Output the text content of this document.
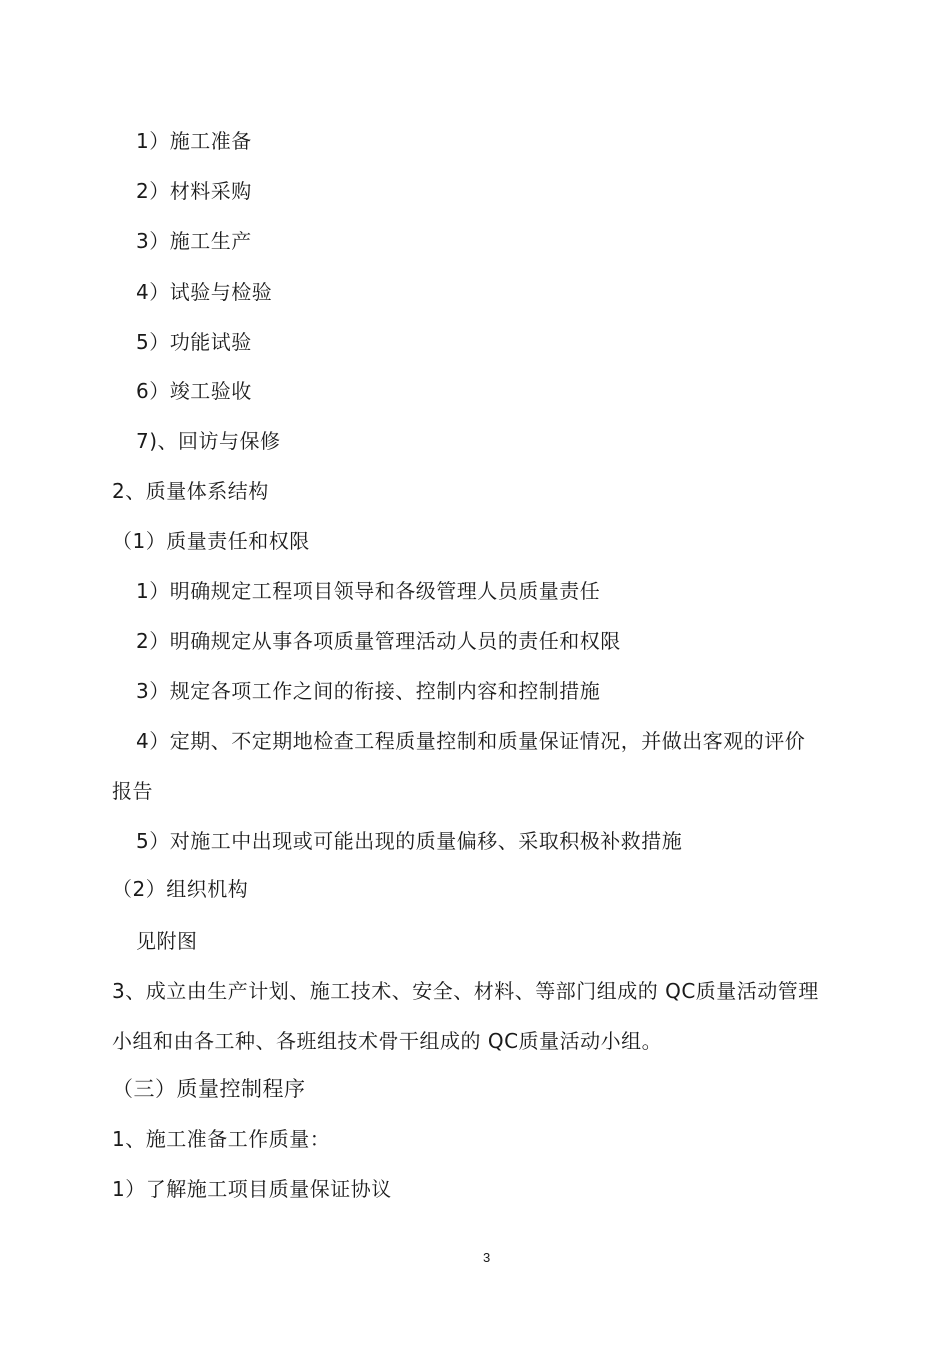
1）施工准备
2）材料采购
3）施工生产
4）试验与检验
5）功能试验
6）竣工验收
7)、回访与保修
2、质量体系结构
（1）质量责任和权限
1）明确规定工程项目领导和各级管理人员质量责任
2）明确规定从事各项质量管理活动人员的责任和权限
3）规定各项工作之间的衔接、控制内容和控制措施
4）定期、不定期地检查工程质量控制和质量保证情况，并做出客观的评价
报告
5）对施工中出现或可能出现的质量偏移、采取积极补救措施
（2）组织机构
见附图
3、成立由生产计划、施工技术、安全、材料、等部门组成的 QC质量活动管理
小组和由各工种、各班组技术骨干组成的 QC质量活动小组。
（三）质量控制程序
1、施工准备工作质量：
1）了解施工项目质量保证协议
3
